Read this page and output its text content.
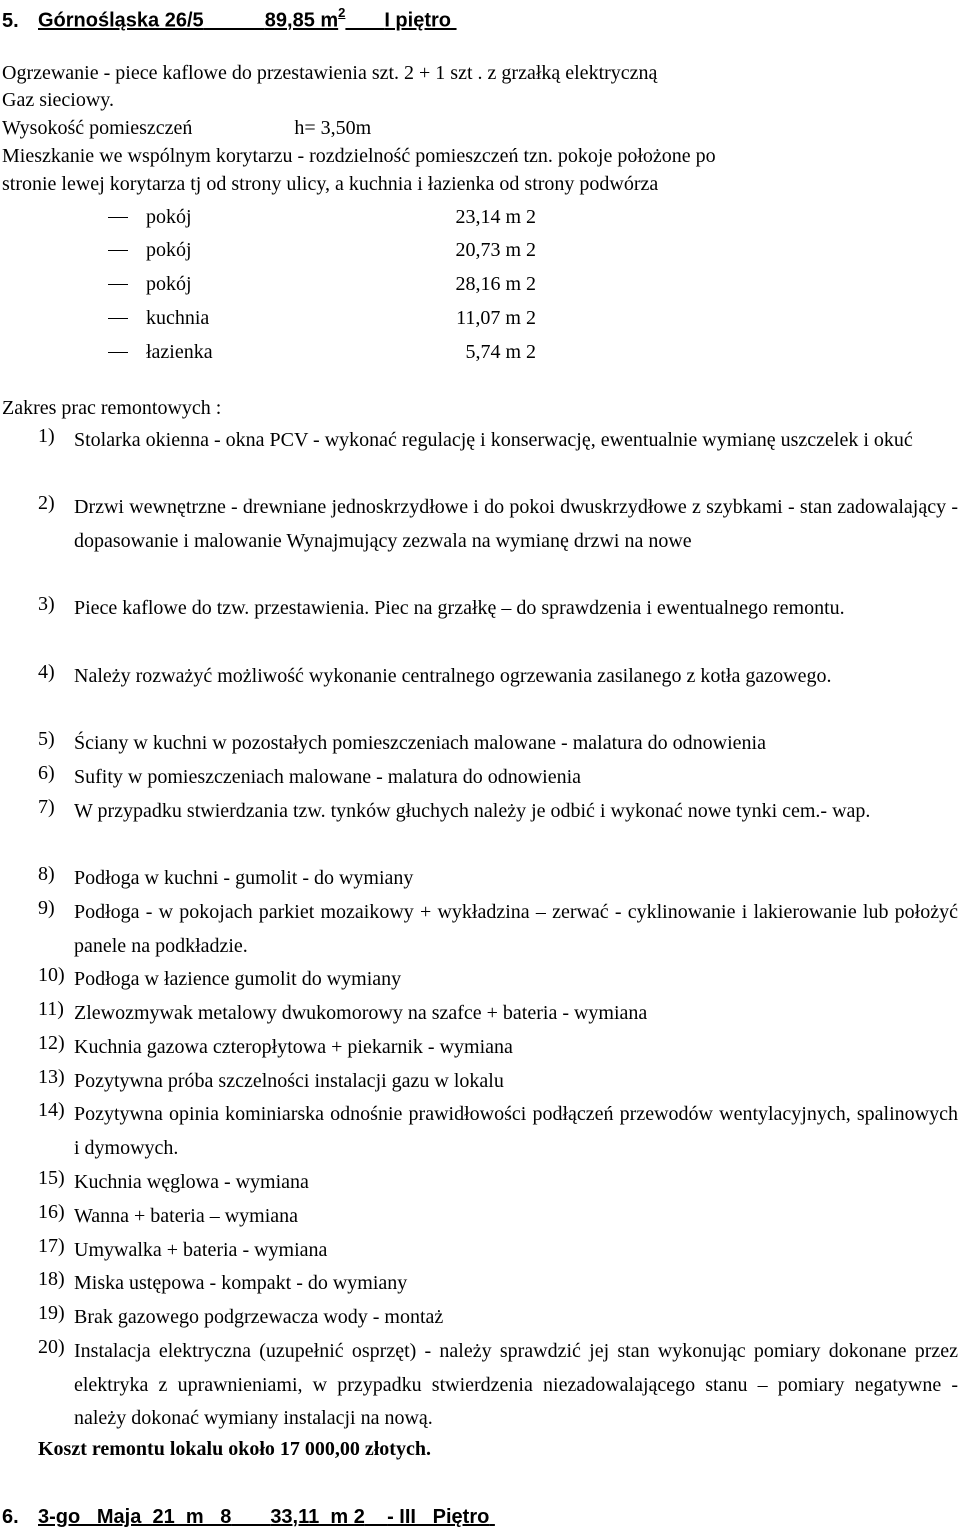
5. Górnośląska 26/5	89,85 $m^2$ I piętro
Ogrzewanie - piece kaflowe do przestawienia szt. 2 + 1 szt . z grzałką elektryczną
Gaz sieciowy.
Wysokość pomieszczeń	h= 3,50m
Mieszkanie we wspólnym korytarzu - rozdzielność pomieszczeń tzn. pokoje położone po
stronie lewej korytarza tj od strony ulicy, a kuchnia i łazienka od strony podwórza
pokój	23,14 m 2
pokój	20,73 m 2
pokój	28,16 m 2
kuchnia	11,07 m 2
łazienka	5,74 m 2
Zakres prac remontowych :
1) Stolarka okienna - okna PCV - wykonać regulację i konserwację, ewentualnie wymianę uszczelek i okuć
2) Drzwi wewnętrzne - drewniane jednoskrzydłowe i do pokoi dwuskrzydłowe z szybkami - stan zadowalający - dopasowanie i malowanie Wynajmujący zezwala na wymianę drzwi na nowe
3) Piece kaflowe do tzw. przestawienia. Piec na grzałkę – do sprawdzenia i ewentualnego remontu.
4) Należy rozważyć możliwość wykonanie centralnego ogrzewania zasilanego z kotła gazowego.
5) Ściany w kuchni w pozostałych pomieszczeniach malowane - malatura do odnowienia
6) Sufity w pomieszczeniach malowane - malatura do odnowienia
7) W przypadku stwierdzania tzw. tynków głuchych należy je odbić i wykonać nowe tynki cem.- wap.
8) Podłoga w kuchni - gumolit - do wymiany
9) Podłoga - w pokojach parkiet mozaikowy + wykładzina – zerwać - cyklinowanie i lakierowanie lub położyć panele na podkładzie.
10) Podłoga w łazience gumolit do wymiany
11) Zlewozmywak metalowy dwukomorowy na szafce + bateria - wymiana
12) Kuchnia gazowa czteropłytowa + piekarnik - wymiana
13) Pozytywna próba szczelności instalacji gazu w lokalu
14) Pozytywna opinia kominiarska odnośnie prawidłowości podłączeń przewodów wentylacyjnych, spalinowych i dymowych.
15) Kuchnia węglowa - wymiana
16) Wanna + bateria – wymiana
17) Umywalka + bateria - wymiana
18) Miska ustępowa - kompakt - do wymiany
19) Brak gazowego podgrzewacza wody - montaż
20) Instalacja elektryczna (uzupełnić osprzęt) - należy sprawdzić jej stan wykonując pomiary dokonane przez elektryka z uprawnieniami, w przypadku stwierdzenia niezadowalającego stanu – pomiary negatywne - należy dokonać wymiany instalacji na nową.
Koszt remontu lokalu około 17 000,00 złotych.
6. 3-go   Maja  21  m   8 33,11  m 2 - III   Piętro
